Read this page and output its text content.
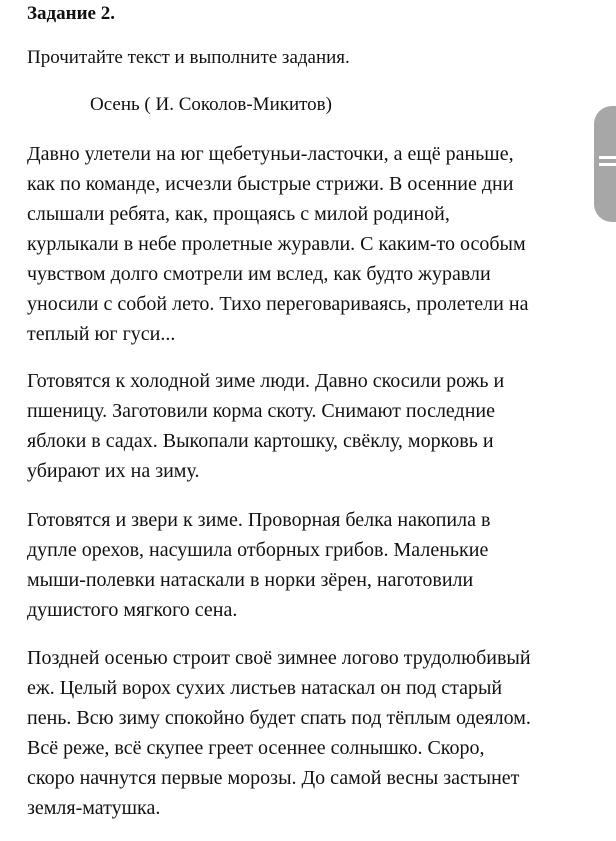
Задание 2.
Прочитайте текст и выполните задания.
Осень ( И. Соколов-Микитов)

Давно улетели на юг щебетуньи-ласточки, а ещё раньше,
как по команде, исчезли быстрые стрижи. В осенние дни
слышали ребята, как, прощаясь с милой родиной,
курлыкали в небе пролетные журавли. С каким-то особым
чувством долго смотрели им вслед, как будто журавли
уносили с собой лето. Тихо переговариваясь, пролетели на
теплый юг гуси...

Готовятся к холодной зиме люди. Давно скосили рожь и
пшеницу. Заготовили корма скоту. Снимают последние
яблоки в садах. Выкопали картошку, свёклу, морковь и
убирают их на зиму.

Готовятся и звери к зиме. Проворная белка накопила в
дупле орехов, насушила отборных грибов. Маленькие
мыши-полевки натаскали в норки зёрен, наготовили
душистого мягкого сена.

Поздней осенью строит своё зимнее логово трудолюбивый
еж. Целый ворох сухих листьев натаскал он под старый
пень. Всю зиму спокойно будет спать под тёплым одеялом.
Всё реже, всё скупее греет осеннее солнышко. Скоро,
скоро начнутся первые морозы. До самой весны застынет
земля-матушка.
